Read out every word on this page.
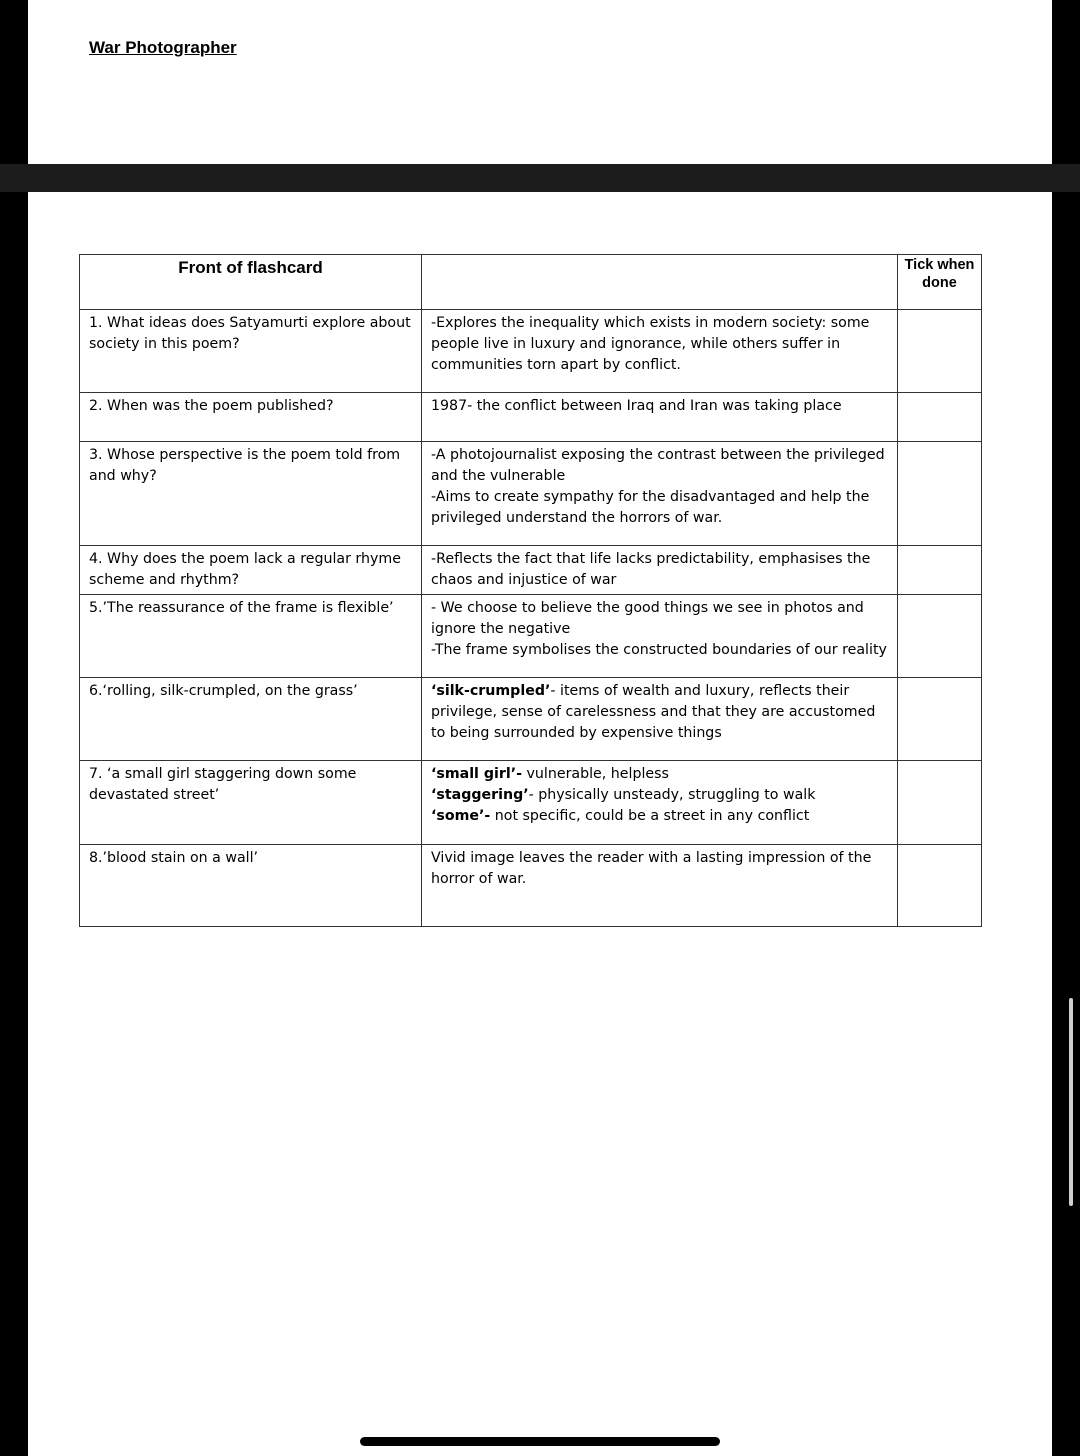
War Photographer
Front of flashcard		Tick when done
1. What ideas does Satyamurti explore about society in this poem?	-Explores the inequality which exists in modern society: some people live in luxury and ignorance, while others suffer in communities torn apart by conflict.	

2. When was the poem published?	1987- the conflict between Iraq and Iran was taking place	

3. Whose perspective is the poem told from and why?	-A photojournalist exposing the contrast between the privileged and the vulnerable
-Aims to create sympathy for the disadvantaged and help the privileged understand the horrors of war.	

4. Why does the poem lack a regular rhyme scheme and rhythm?	-Reflects the fact that life lacks predictability, emphasises the chaos and injustice of war	

5.’The reassurance of the frame is flexible’	- We choose to believe the good things we see in photos and ignore the negative
-The frame symbolises the constructed boundaries of our reality	

6.‘rolling, silk-crumpled, on the grass’	‘silk-crumpled’- items of wealth and luxury, reflects their privilege, sense of carelessness and that they are accustomed to being surrounded by expensive things	

7. ‘a small girl staggering down some devastated street’	‘small girl’- vulnerable, helpless
‘staggering’- physically unsteady, struggling to walk
‘some’- not specific, could be a street in any conflict	

8.’blood stain on a wall’	Vivid image leaves the reader with a lasting impression of the horror of war.	
